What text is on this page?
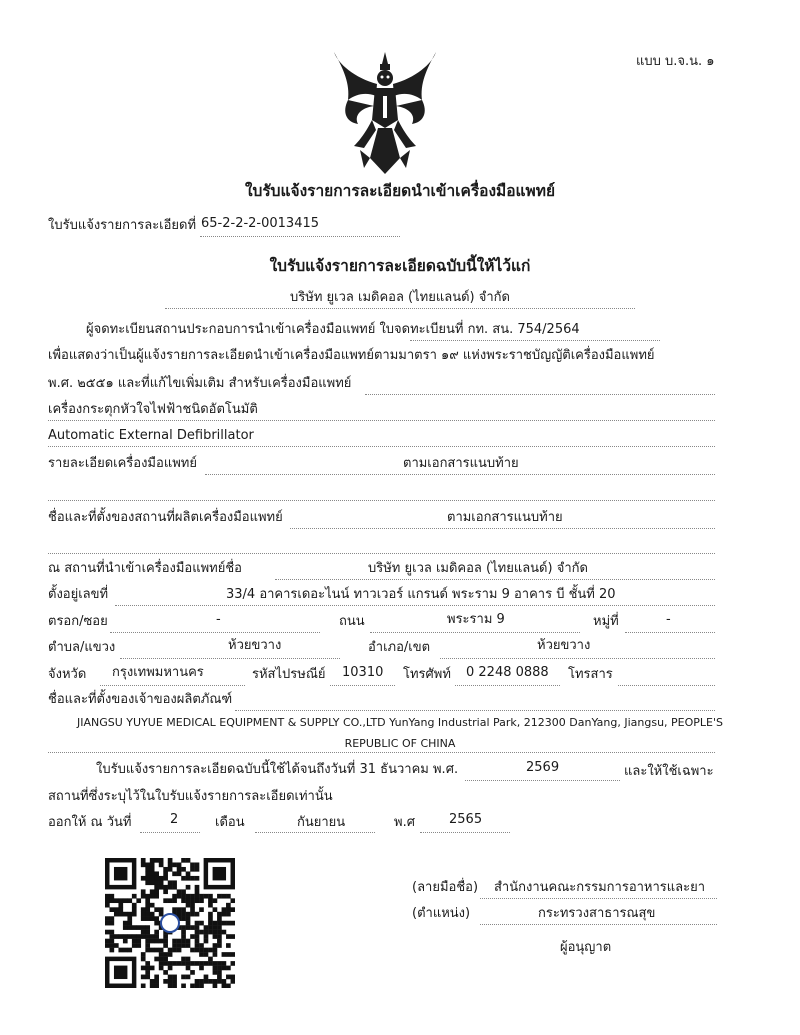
แบบ บ.จ.น. ๑
ใบรับแจ้งรายการละเอียดนำเข้าเครื่องมือแพทย์
ใบรับแจ้งรายการละเอียดที่ 65-2-2-2-0013415
ใบรับแจ้งรายการละเอียดฉบับนี้ให้ไว้แก่
บริษัท ยูเวล เมดิคอล (ไทยแลนด์) จำกัด
ผู้จดทะเบียนสถานประกอบการนำเข้าเครื่องมือแพทย์ ใบจดทะเบียนที่ กท. สน. 754/2564
เพื่อแสดงว่าเป็นผู้แจ้งรายการละเอียดนำเข้าเครื่องมือแพทย์ตามมาตรา ๑๙ แห่งพระราชบัญญัติเครื่องมือแพทย์
พ.ศ. ๒๕๕๑ และที่แก้ไขเพิ่มเติม สำหรับเครื่องมือแพทย์
เครื่องกระตุกหัวใจไฟฟ้าชนิดอัตโนมัติ
Automatic External Defibrillator
รายละเอียดเครื่องมือแพทย์	ตามเอกสารแนบท้าย
ชื่อและที่ตั้งของสถานที่ผลิตเครื่องมือแพทย์	ตามเอกสารแนบท้าย
ณ สถานที่นำเข้าเครื่องมือแพทย์ชื่อ	บริษัท ยูเวล เมดิคอล (ไทยแลนด์) จำกัด
ตั้งอยู่เลขที่	33/4 อาคารเดอะไนน์ ทาวเวอร์ แกรนด์ พระราม 9 อาคาร บี ชั้นที่ 20
ตรอก/ซอย	-	ถนน	พระราม 9	หมู่ที่	-
ตำบล/แขวง	ห้วยขวาง	อำเภอ/เขต	ห้วยขวาง
จังหวัด กรุงเทพมหานคร	รหัสไปรษณีย์ 10310 โทรศัพท์ 0 2248 0888 โทรสาร
ชื่อและที่ตั้งของเจ้าของผลิตภัณฑ์
JIANGSU YUYUE MEDICAL EQUIPMENT & SUPPLY CO.,LTD YunYang Industrial Park, 212300 DanYang, Jiangsu, PEOPLE'S
REPUBLIC OF CHINA
ใบรับแจ้งรายการละเอียดฉบับนี้ใช้ได้จนถึงวันที่ 31 ธันวาคม พ.ศ.	2569	และให้ใช้เฉพาะ
สถานที่ซึ่งระบุไว้ในใบรับแจ้งรายการละเอียดเท่านั้น
ออกให้ ณ วันที่	2	เดือน	กันยายน	พ.ศ	2565
(ลายมือชื่อ) สำนักงานคณะกรรมการอาหารและยา
(ตำแหน่ง)	กระทรวงสาธารณสุข
ผู้อนุญาต
